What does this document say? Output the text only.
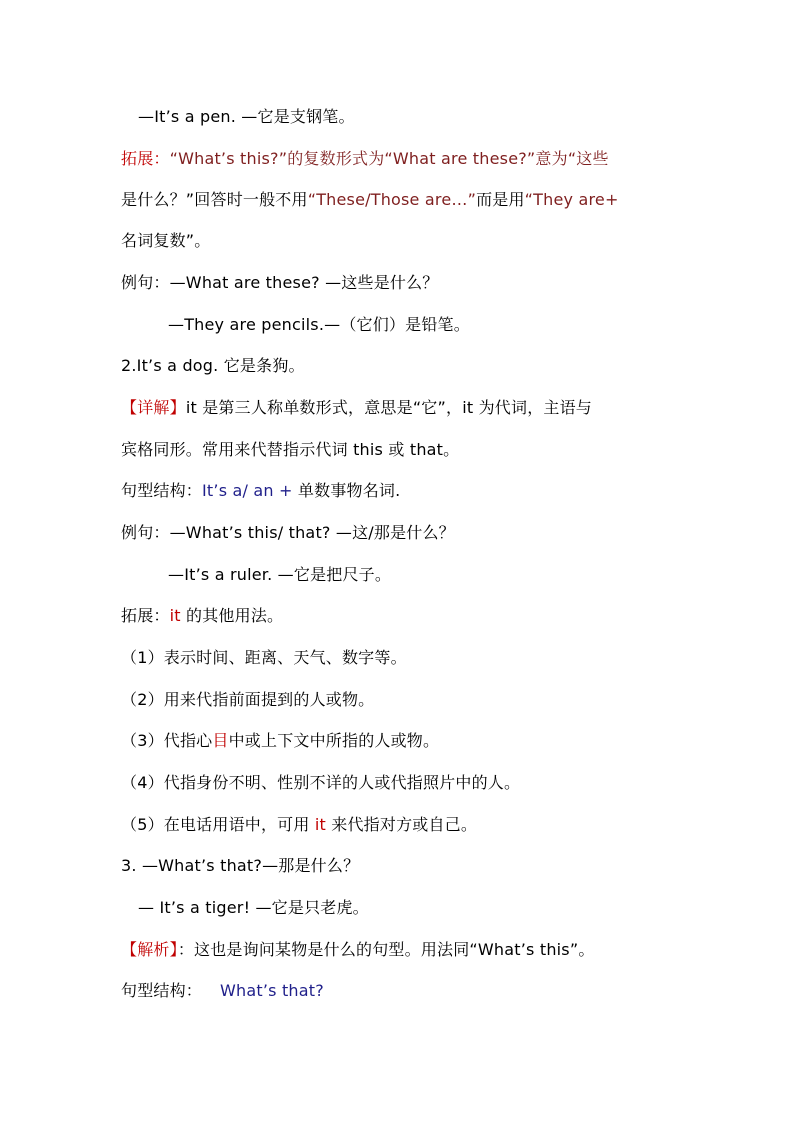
—It’s a pen. —它是支钢笔。
拓展：“What’s this?”的复数形式为“What are these?”意为“这些
是什么？”回答时一般不用“These/Those are…”而是用“They are+
名词复数”。
例句：—What are these? —这些是什么？
—They are pencils.—（它们）是铅笔。
2.It’s a dog. 它是条狗。
【详解】it 是第三人称单数形式，意思是“它”，it 为代词，主语与
宾格同形。常用来代替指示代词 this 或 that。
句型结构：It’s a/ an + 单数事物名词.
例句：—What’s this/ that? —这/那是什么？
—It’s a ruler. —它是把尺子。
拓展：it 的其他用法。
（1）表示时间、距离、天气、数字等。
（2）用来代指前面提到的人或物。
（3）代指心目中或上下文中所指的人或物。
（4）代指身份不明、性别不详的人或代指照片中的人。
（5）在电话用语中，可用 it 来代指对方或自己。
3. —What’s that?—那是什么？
— It’s a tiger! —它是只老虎。
【解析】：这也是询问某物是什么的句型。用法同“What’s this”。
句型结构： What’s that?
